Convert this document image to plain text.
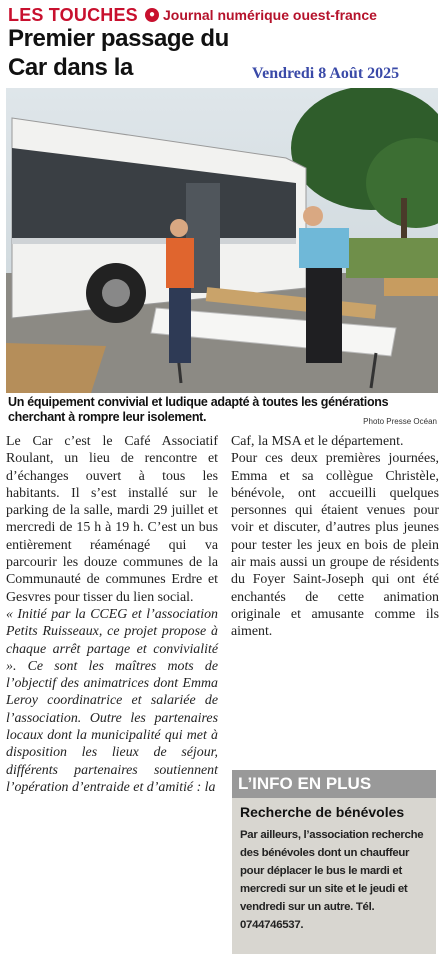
LES TOUCHES	● Journal numérique ouest-france
Premier passage du Car dans la	Vendredi 8 Août 2025
Un équipement convivial et ludique adapté à toutes les générations cherchant à rompre leur isolement.	Photo Presse Océan

Le Car c’est le Café Associatif Roulant, un lieu de rencontre et d’échanges ouvert à tous les habitants. Il s’est installé sur le parking de la salle, mardi 29 juillet et mercredi de 15 h à 19 h. C’est un bus entièrement réaménagé qui va parcourir les douze communes de la Communauté de communes Erdre et Gesvres pour tisser du lien social.

« Initié par la CCEG et l’association Petits Ruisseaux, ce projet propose à chaque arrêt partage et convivialité ». Ce sont les maîtres mots de l’objectif des animatrices dont Emma Leroy coordinatrice et salariée de l’association. Outre les partenaires locaux dont la municipalité qui met à disposition les lieux de séjour, différents partenaires soutiennent l’opération d’entraide et d’amitié : la

Caf, la MSA et le département.

Pour ces deux premières journées, Emma et sa collègue Christèle, bénévole, ont accueilli quelques personnes qui étaient venues pour voir et discuter, d’autres plus jeunes pour tester les jeux en bois de plein air mais aussi un groupe de résidents du Foyer Saint-Joseph qui ont été enchantés de cette animation originale et amusante comme ils aiment.

L’INFO EN PLUS
Recherche de bénévoles
Par ailleurs, l’association recherche des bénévoles dont un chauffeur pour déplacer le bus le mardi et mercredi sur un site et le jeudi et vendredi sur un autre. Tél. 0744746537.
